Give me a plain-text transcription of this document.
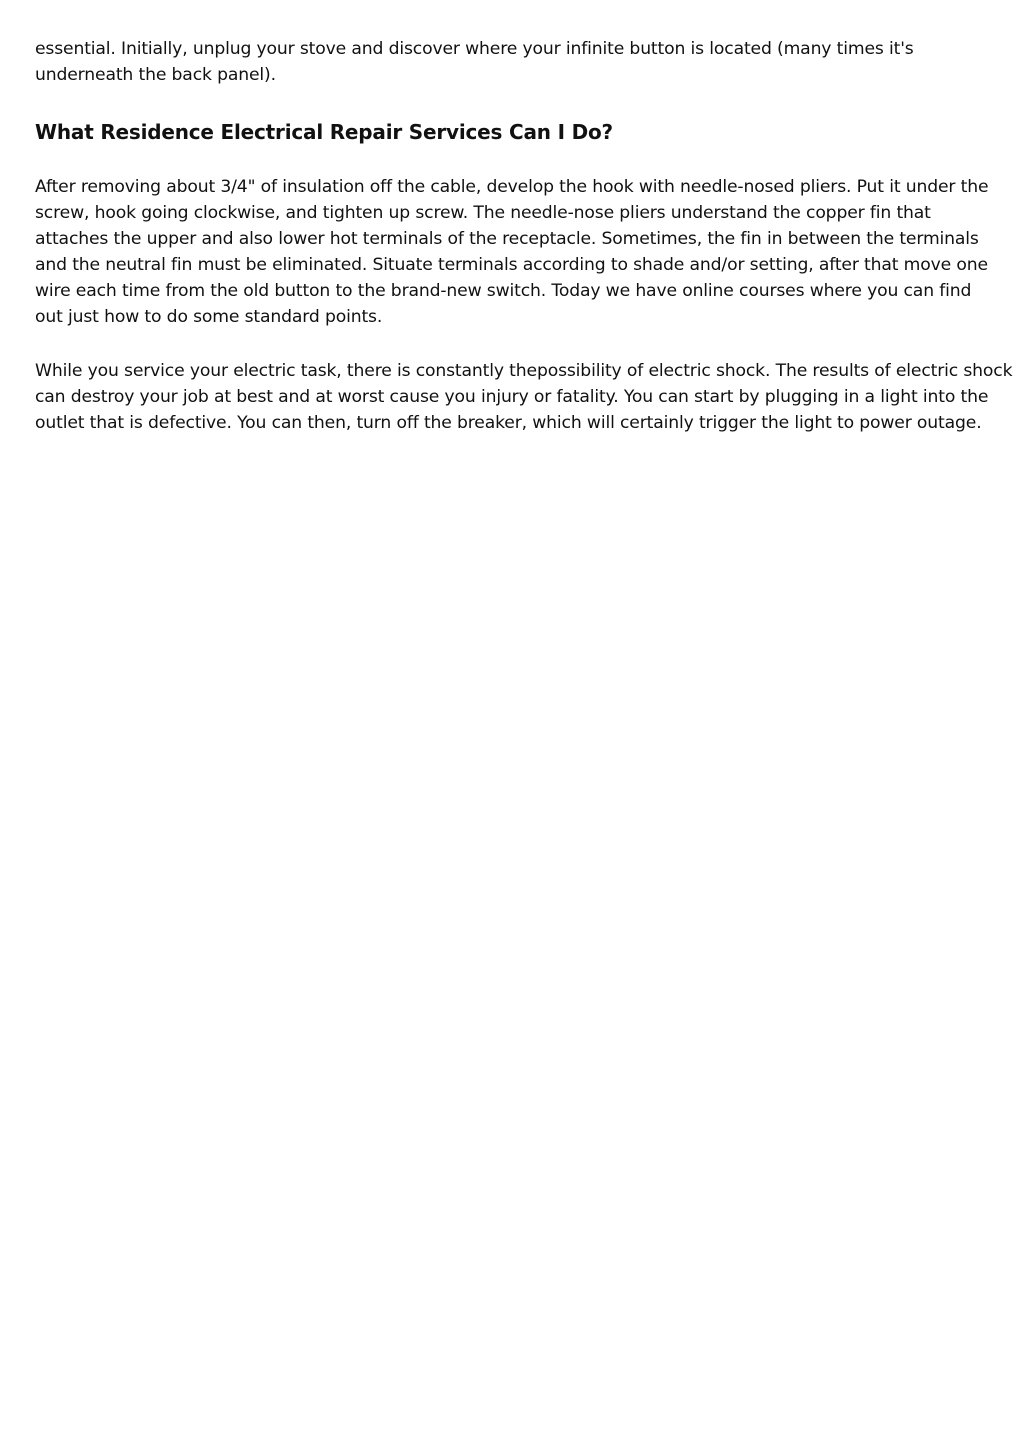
essential. Initially, unplug your stove and discover where your infinite button is located (many times it's
underneath the back panel).

What Residence Electrical Repair Services Can I Do?

After removing about 3/4" of insulation off the cable, develop the hook with needle-nosed pliers. Put it under the
screw, hook going clockwise, and tighten up screw. The needle-nose pliers understand the copper fin that
attaches the upper and also lower hot terminals of the receptacle. Sometimes, the fin in between the terminals
and the neutral fin must be eliminated. Situate terminals according to shade and/or setting, after that move one
wire each time from the old button to the brand-new switch. Today we have online courses where you can find
out just how to do some standard points.

While you service your electric task, there is constantly thepossibility of electric shock. The results of electric shock
can destroy your job at best and at worst cause you injury or fatality. You can start by plugging in a light into the
outlet that is defective. You can then, turn off the breaker, which will certainly trigger the light to power outage.
